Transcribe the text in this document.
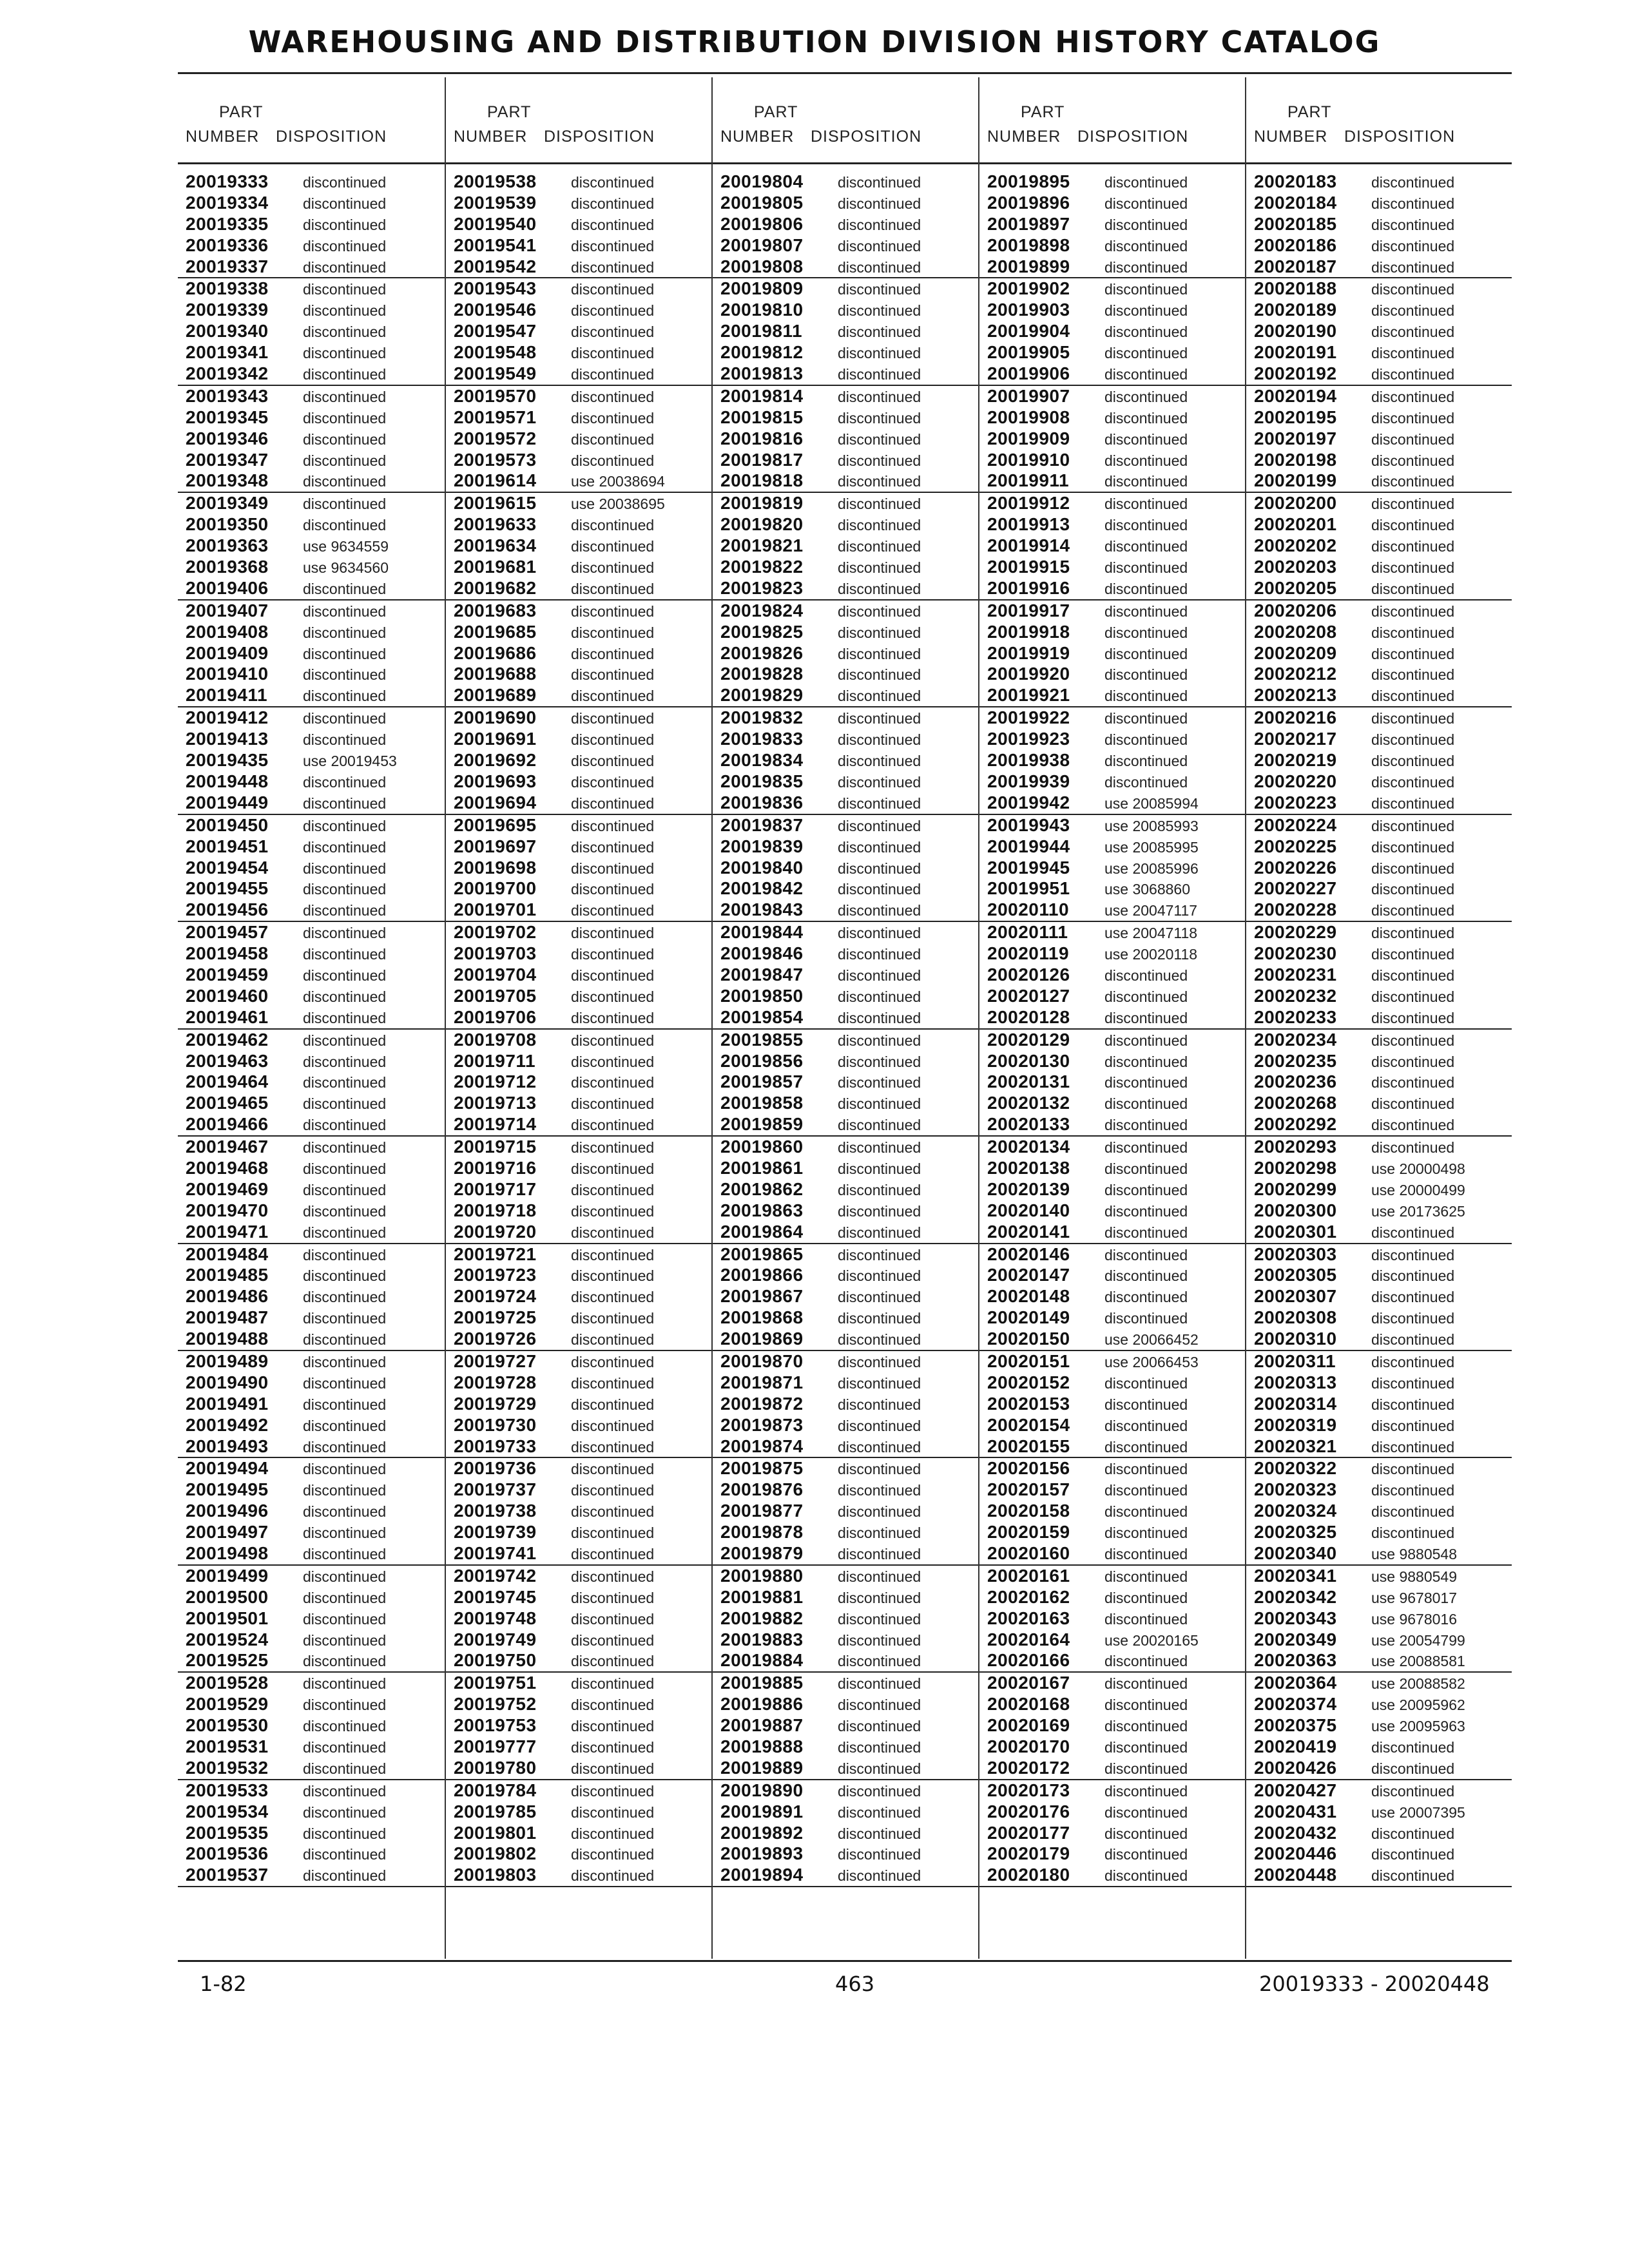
WAREHOUSING AND DISTRIBUTION DIVISION HISTORY CATALOG
PART
NUMBER DISPOSITION
20019333 discontinued
20019334 discontinued
20019335 discontinued
20019336 discontinued
20019337 discontinued
20019338 discontinued
20019339 discontinued
20019340 discontinued
20019341 discontinued
20019342 discontinued
20019343 discontinued
20019345 discontinued
20019346 discontinued
20019347 discontinued
20019348 discontinued
20019349 discontinued
20019350 discontinued
20019363 use 9634559
20019368 use 9634560
20019406 discontinued
20019407 discontinued
20019408 discontinued
20019409 discontinued
20019410 discontinued
20019411 discontinued
20019412 discontinued
20019413 discontinued
20019435 use 20019453
20019448 discontinued
20019449 discontinued
20019450 discontinued
20019451 discontinued
20019454 discontinued
20019455 discontinued
20019456 discontinued
20019457 discontinued
20019458 discontinued
20019459 discontinued
20019460 discontinued
20019461 discontinued
20019462 discontinued
20019463 discontinued
20019464 discontinued
20019465 discontinued
20019466 discontinued
20019467 discontinued
20019468 discontinued
20019469 discontinued
20019470 discontinued
20019471 discontinued
20019484 discontinued
20019485 discontinued
20019486 discontinued
20019487 discontinued
20019488 discontinued
20019489 discontinued
20019490 discontinued
20019491 discontinued
20019492 discontinued
20019493 discontinued
20019494 discontinued
20019495 discontinued
20019496 discontinued
20019497 discontinued
20019498 discontinued
20019499 discontinued
20019500 discontinued
20019501 discontinued
20019524 discontinued
20019525 discontinued
20019528 discontinued
20019529 discontinued
20019530 discontinued
20019531 discontinued
20019532 discontinued
20019533 discontinued
20019534 discontinued
20019535 discontinued
20019536 discontinued
20019537 discontinued
PART
NUMBER DISPOSITION
20019538 discontinued
20019539 discontinued
20019540 discontinued
20019541 discontinued
20019542 discontinued
20019543 discontinued
20019546 discontinued
20019547 discontinued
20019548 discontinued
20019549 discontinued
20019570 discontinued
20019571 discontinued
20019572 discontinued
20019573 discontinued
20019614 use 20038694
20019615 use 20038695
20019633 discontinued
20019634 discontinued
20019681 discontinued
20019682 discontinued
20019683 discontinued
20019685 discontinued
20019686 discontinued
20019688 discontinued
20019689 discontinued
20019690 discontinued
20019691 discontinued
20019692 discontinued
20019693 discontinued
20019694 discontinued
20019695 discontinued
20019697 discontinued
20019698 discontinued
20019700 discontinued
20019701 discontinued
20019702 discontinued
20019703 discontinued
20019704 discontinued
20019705 discontinued
20019706 discontinued
20019708 discontinued
20019711 discontinued
20019712 discontinued
20019713 discontinued
20019714 discontinued
20019715 discontinued
20019716 discontinued
20019717 discontinued
20019718 discontinued
20019720 discontinued
20019721 discontinued
20019723 discontinued
20019724 discontinued
20019725 discontinued
20019726 discontinued
20019727 discontinued
20019728 discontinued
20019729 discontinued
20019730 discontinued
20019733 discontinued
20019736 discontinued
20019737 discontinued
20019738 discontinued
20019739 discontinued
20019741 discontinued
20019742 discontinued
20019745 discontinued
20019748 discontinued
20019749 discontinued
20019750 discontinued
20019751 discontinued
20019752 discontinued
20019753 discontinued
20019777 discontinued
20019780 discontinued
20019784 discontinued
20019785 discontinued
20019801 discontinued
20019802 discontinued
20019803 discontinued
PART
NUMBER DISPOSITION
20019804 discontinued
20019805 discontinued
20019806 discontinued
20019807 discontinued
20019808 discontinued
20019809 discontinued
20019810 discontinued
20019811 discontinued
20019812 discontinued
20019813 discontinued
20019814 discontinued
20019815 discontinued
20019816 discontinued
20019817 discontinued
20019818 discontinued
20019819 discontinued
20019820 discontinued
20019821 discontinued
20019822 discontinued
20019823 discontinued
20019824 discontinued
20019825 discontinued
20019826 discontinued
20019828 discontinued
20019829 discontinued
20019832 discontinued
20019833 discontinued
20019834 discontinued
20019835 discontinued
20019836 discontinued
20019837 discontinued
20019839 discontinued
20019840 discontinued
20019842 discontinued
20019843 discontinued
20019844 discontinued
20019846 discontinued
20019847 discontinued
20019850 discontinued
20019854 discontinued
20019855 discontinued
20019856 discontinued
20019857 discontinued
20019858 discontinued
20019859 discontinued
20019860 discontinued
20019861 discontinued
20019862 discontinued
20019863 discontinued
20019864 discontinued
20019865 discontinued
20019866 discontinued
20019867 discontinued
20019868 discontinued
20019869 discontinued
20019870 discontinued
20019871 discontinued
20019872 discontinued
20019873 discontinued
20019874 discontinued
20019875 discontinued
20019876 discontinued
20019877 discontinued
20019878 discontinued
20019879 discontinued
20019880 discontinued
20019881 discontinued
20019882 discontinued
20019883 discontinued
20019884 discontinued
20019885 discontinued
20019886 discontinued
20019887 discontinued
20019888 discontinued
20019889 discontinued
20019890 discontinued
20019891 discontinued
20019892 discontinued
20019893 discontinued
20019894 discontinued
PART
NUMBER DISPOSITION
20019895 discontinued
20019896 discontinued
20019897 discontinued
20019898 discontinued
20019899 discontinued
20019902 discontinued
20019903 discontinued
20019904 discontinued
20019905 discontinued
20019906 discontinued
20019907 discontinued
20019908 discontinued
20019909 discontinued
20019910 discontinued
20019911 discontinued
20019912 discontinued
20019913 discontinued
20019914 discontinued
20019915 discontinued
20019916 discontinued
20019917 discontinued
20019918 discontinued
20019919 discontinued
20019920 discontinued
20019921 discontinued
20019922 discontinued
20019923 discontinued
20019938 discontinued
20019939 discontinued
20019942 use 20085994
20019943 use 20085993
20019944 use 20085995
20019945 use 20085996
20019951 use 3068860
20020110 use 20047117
20020111 use 20047118
20020119 use 20020118
20020126 discontinued
20020127 discontinued
20020128 discontinued
20020129 discontinued
20020130 discontinued
20020131 discontinued
20020132 discontinued
20020133 discontinued
20020134 discontinued
20020138 discontinued
20020139 discontinued
20020140 discontinued
20020141 discontinued
20020146 discontinued
20020147 discontinued
20020148 discontinued
20020149 discontinued
20020150 use 20066452
20020151 use 20066453
20020152 discontinued
20020153 discontinued
20020154 discontinued
20020155 discontinued
20020156 discontinued
20020157 discontinued
20020158 discontinued
20020159 discontinued
20020160 discontinued
20020161 discontinued
20020162 discontinued
20020163 discontinued
20020164 use 20020165
20020166 discontinued
20020167 discontinued
20020168 discontinued
20020169 discontinued
20020170 discontinued
20020172 discontinued
20020173 discontinued
20020176 discontinued
20020177 discontinued
20020179 discontinued
20020180 discontinued
PART
NUMBER DISPOSITION
20020183 discontinued
20020184 discontinued
20020185 discontinued
20020186 discontinued
20020187 discontinued
20020188 discontinued
20020189 discontinued
20020190 discontinued
20020191 discontinued
20020192 discontinued
20020194 discontinued
20020195 discontinued
20020197 discontinued
20020198 discontinued
20020199 discontinued
20020200 discontinued
20020201 discontinued
20020202 discontinued
20020203 discontinued
20020205 discontinued
20020206 discontinued
20020208 discontinued
20020209 discontinued
20020212 discontinued
20020213 discontinued
20020216 discontinued
20020217 discontinued
20020219 discontinued
20020220 discontinued
20020223 discontinued
20020224 discontinued
20020225 discontinued
20020226 discontinued
20020227 discontinued
20020228 discontinued
20020229 discontinued
20020230 discontinued
20020231 discontinued
20020232 discontinued
20020233 discontinued
20020234 discontinued
20020235 discontinued
20020236 discontinued
20020268 discontinued
20020292 discontinued
20020293 discontinued
20020298 use 20000498
20020299 use 20000499
20020300 use 20173625
20020301 discontinued
20020303 discontinued
20020305 discontinued
20020307 discontinued
20020308 discontinued
20020310 discontinued
20020311 discontinued
20020313 discontinued
20020314 discontinued
20020319 discontinued
20020321 discontinued
20020322 discontinued
20020323 discontinued
20020324 discontinued
20020325 discontinued
20020340 use 9880548
20020341 use 9880549
20020342 use 9678017
20020343 use 9678016
20020349 use 20054799
20020363 use 20088581
20020364 use 20088582
20020374 use 20095962
20020375 use 20095963
20020419 discontinued
20020426 discontinued
20020427 discontinued
20020431 use 20007395
20020432 discontinued
20020446 discontinued
20020448 discontinued
1-82	463	20019333 - 20020448
